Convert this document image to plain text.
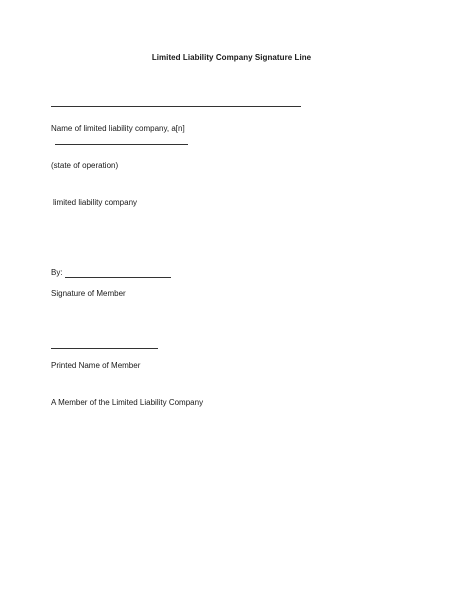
Limited Liability Company Signature Line
Name of limited liability company, a[n]
(state of operation)
limited liability company
By:
Signature of Member
Printed Name of Member
A Member of the Limited Liability Company
